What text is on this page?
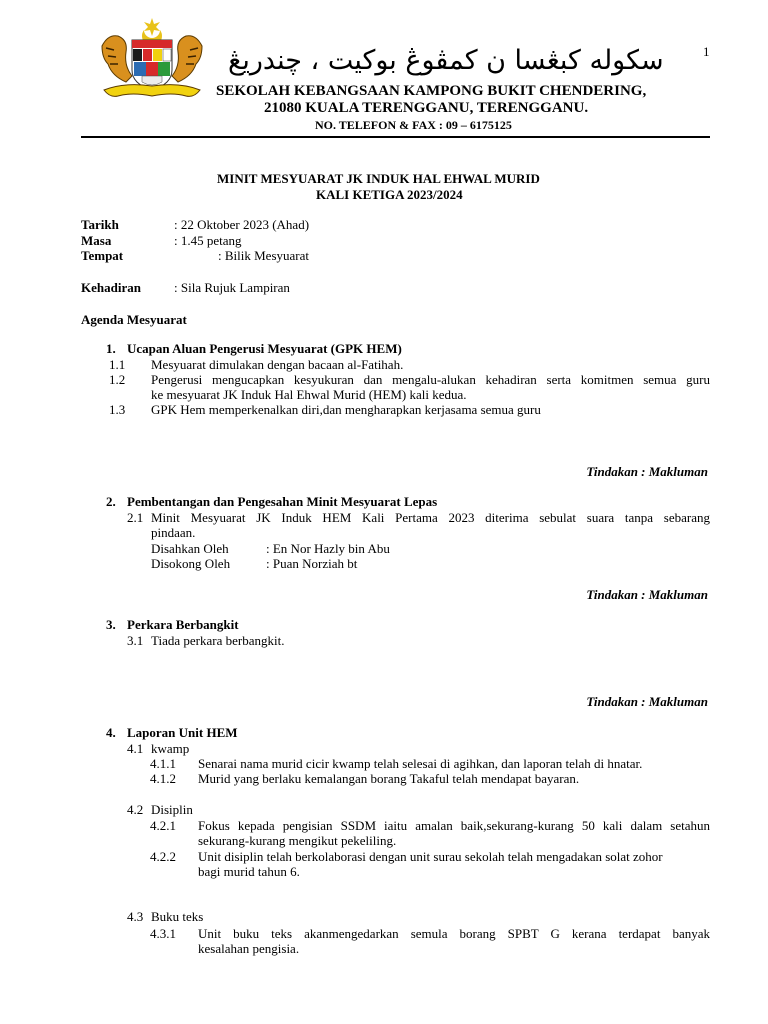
1
سکوله کبڠسا ن کمڤوڠ بوکيت ، چندريڠ
SEKOLAH KEBANGSAAN KAMPONG BUKIT CHENDERING,
21080 KUALA TERENGGANU, TERENGGANU.
NO. TELEFON & FAX : 09 – 6175125
MINIT MESYUARAT JK INDUK HAL EHWAL MURID
KALI KETIGA 2023/2024
Tarikh	: 22 Oktober 2023 (Ahad)
Masa	: 1.45 petang
Tempat	: Bilik Mesyuarat
Kehadiran	: Sila Rujuk Lampiran
Agenda Mesyuarat
1. Ucapan Aluan Pengerusi Mesyuarat (GPK HEM)
1.1 Mesyuarat dimulakan dengan bacaan al-Fatihah.
1.2 Pengerusi mengucapkan kesyukuran dan mengalu-alukan kehadiran serta komitmen semua guru
ke mesyuarat JK Induk Hal Ehwal Murid (HEM) kali kedua.
1.3 GPK Hem memperkenalkan diri,dan mengharapkan kerjasama semua guru
Tindakan : Makluman
2. Pembentangan dan Pengesahan Minit Mesyuarat Lepas
2.1 Minit Mesyuarat JK Induk HEM Kali Pertama 2023 diterima sebulat suara tanpa sebarang
pindaan.
Disahkan Oleh	: En Nor Hazly bin Abu
Disokong Oleh	: Puan Norziah bt
Tindakan : Makluman
3. Perkara Berbangkit
3.1 Tiada perkara berbangkit.
Tindakan : Makluman
4. Laporan Unit HEM
4.1 kwamp
4.1.1 Senarai nama murid cicir kwamp telah selesai di agihkan, dan laporan telah di hnatar.
4.1.2 Murid yang berlaku kemalangan borang Takaful telah mendapat bayaran.
4.2 Disiplin
4.2.1 Fokus kepada pengisian SSDM iaitu amalan baik,sekurang-kurang 50 kali dalam setahun
sekurang-kurang mengikut pekeliling.
4.2.2 Unit disiplin telah berkolaborasi dengan unit surau sekolah telah mengadakan solat zohor
bagi murid tahun 6.
4.3 Buku teks
4.3.1 Unit buku teks akanmengedarkan semula borang SPBT G kerana terdapat banyak
kesalahan pengisia.
